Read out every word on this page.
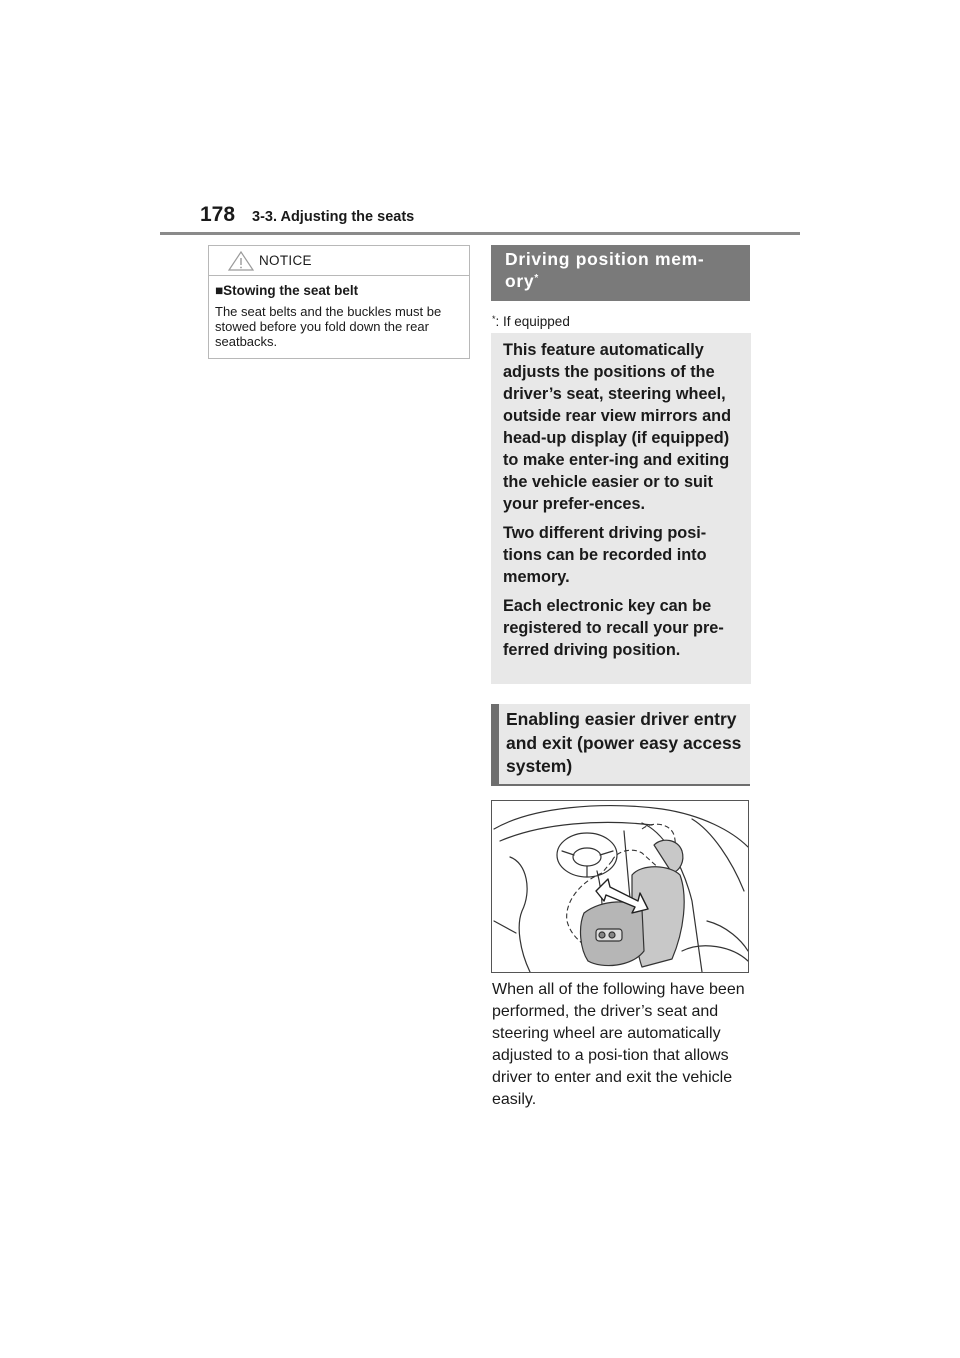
178 3-3. Adjusting the seats
NOTICE
■Stowing the seat belt
The seat belts and the buckles must be stowed before you fold down the rear seatbacks.
Driving position mem-
ory*
*: If equipped

This feature automatically adjusts the positions of the driver’s seat, steering wheel, outside rear view mirrors and head-up display (if equipped) to make enter-ing and exiting the vehicle easier or to suit your prefer-ences.

Two different driving posi-tions can be recorded into memory.

Each electronic key can be registered to recall your pre-ferred driving position.

Enabling easier driver entry and exit (power easy access system)
When all of the following have been performed, the driver’s seat and steering wheel are automatically adjusted to a posi-tion that allows driver to enter and exit the vehicle easily.
